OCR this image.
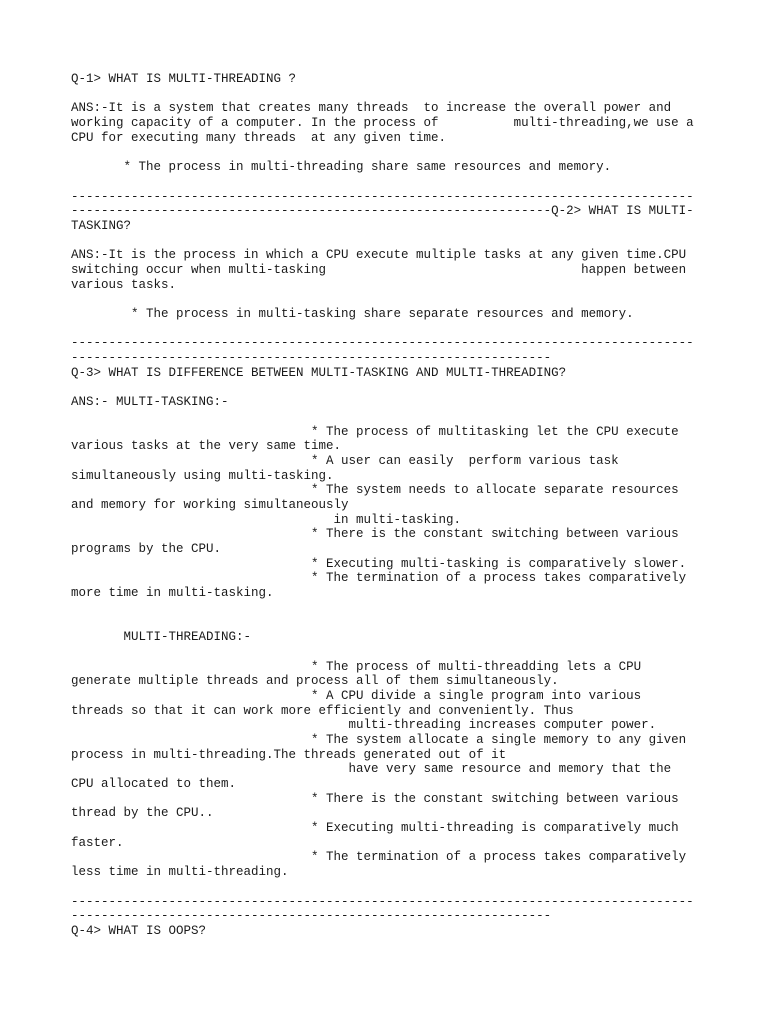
Q-1> WHAT IS MULTI-THREADING ?
ANS:-It is a system that creates many threads  to increase the overall power and
working capacity of a computer. In the process of          multi-threading,we use a
CPU for executing many threads  at any given time.
* The process in multi-threading share same resources and memory.
-----------------------------------------------------------------------------------
----------------------------------------------------------------Q-2> WHAT IS MULTI-
TASKING?
ANS:-It is the process in which a CPU execute multiple tasks at any given time.CPU
switching occur when multi-tasking                                  happen between
various tasks.
* The process in multi-tasking share separate resources and memory.
-----------------------------------------------------------------------------------
----------------------------------------------------------------
Q-3> WHAT IS DIFFERENCE BETWEEN MULTI-TASKING AND MULTI-THREADING?
ANS:- MULTI-TASKING:-
* The process of multitasking let the CPU execute
various tasks at the very same time.
* A user can easily  perform various task
simultaneously using multi-tasking.
* The system needs to allocate separate resources
and memory for working simultaneously
in multi-tasking.
* There is the constant switching between various
programs by the CPU.
* Executing multi-tasking is comparatively slower.
* The termination of a process takes comparatively
more time in multi-tasking.
MULTI-THREADING:-
* The process of multi-threadding lets a CPU
generate multiple threads and process all of them simultaneously.
* A CPU divide a single program into various
threads so that it can work more efficiently and conveniently. Thus
multi-threading increases computer power.
* The system allocate a single memory to any given
process in multi-threading.The threads generated out of it
have very same resource and memory that the
CPU allocated to them.
* There is the constant switching between various
thread by the CPU..
* Executing multi-threading is comparatively much
faster.
* The termination of a process takes comparatively
less time in multi-threading.
-----------------------------------------------------------------------------------
----------------------------------------------------------------
Q-4> WHAT IS OOPS?
